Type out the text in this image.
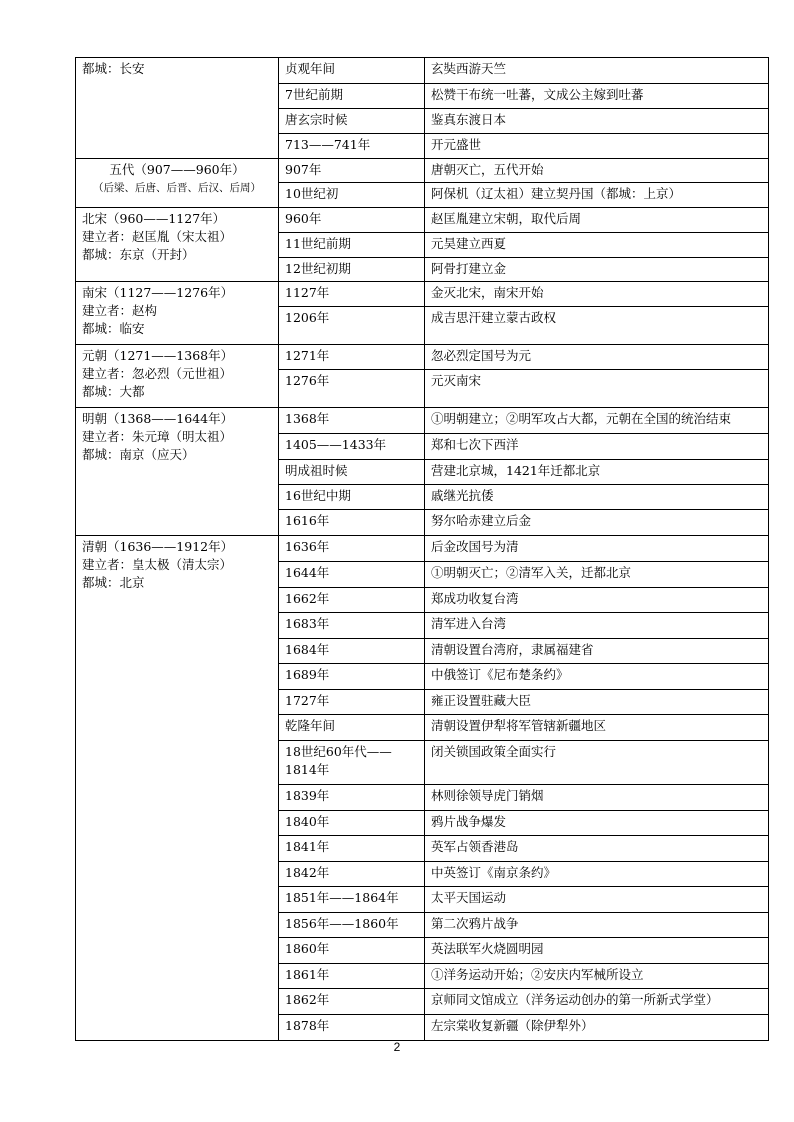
都城：长安	贞观年间	玄奘西游天竺
	7世纪前期	松赞干布统一吐蕃，文成公主嫁到吐蕃
	唐玄宗时候	鉴真东渡日本
	713——741年	开元盛世

五代（907——960年）
（后梁、后唐、后晋、后汉、后周）	907年	唐朝灭亡，五代开始
	10世纪初	阿保机（辽太祖）建立契丹国（都城：上京）

北宋（960——1127年）
建立者：赵匡胤（宋太祖）
都城：东京（开封）	960年	赵匡胤建立宋朝，取代后周
	11世纪前期	元昊建立西夏
	12世纪初期	阿骨打建立金

南宋（1127——1276年）
建立者：赵构
都城：临安	1127年	金灭北宋，南宋开始
	1206年	成吉思汗建立蒙古政权

元朝（1271——1368年）
建立者：忽必烈（元世祖）
都城：大都	1271年	忽必烈定国号为元
	1276年	元灭南宋

明朝（1368——1644年）
建立者：朱元璋（明太祖）
都城：南京（应天）	1368年	①明朝建立；②明军攻占大都，元朝在全国的统治结束
	1405——1433年	郑和七次下西洋
	明成祖时候	营建北京城，1421年迁都北京
	16世纪中期	戚继光抗倭
	1616年	努尔哈赤建立后金

清朝（1636——1912年）
建立者：皇太极（清太宗）
都城：北京	1636年	后金改国号为清
	1644年	①明朝灭亡；②清军入关，迁都北京
	1662年	郑成功收复台湾
	1683年	清军进入台湾
	1684年	清朝设置台湾府，隶属福建省
	1689年	中俄签订《尼布楚条约》
	1727年	雍正设置驻藏大臣
	乾隆年间	清朝设置伊犁将军管辖新疆地区
	18世纪60年代——1814年	闭关锁国政策全面实行
	1839年	林则徐领导虎门销烟
	1840年	鸦片战争爆发
	1841年	英军占领香港岛
	1842年	中英签订《南京条约》
	1851年——1864年	太平天国运动
	1856年——1860年	第二次鸦片战争
	1860年	英法联军火烧圆明园
	1861年	①洋务运动开始；②安庆内军械所设立
	1862年	京师同文馆成立（洋务运动创办的第一所新式学堂）
	1878年	左宗棠收复新疆（除伊犁外）
2
